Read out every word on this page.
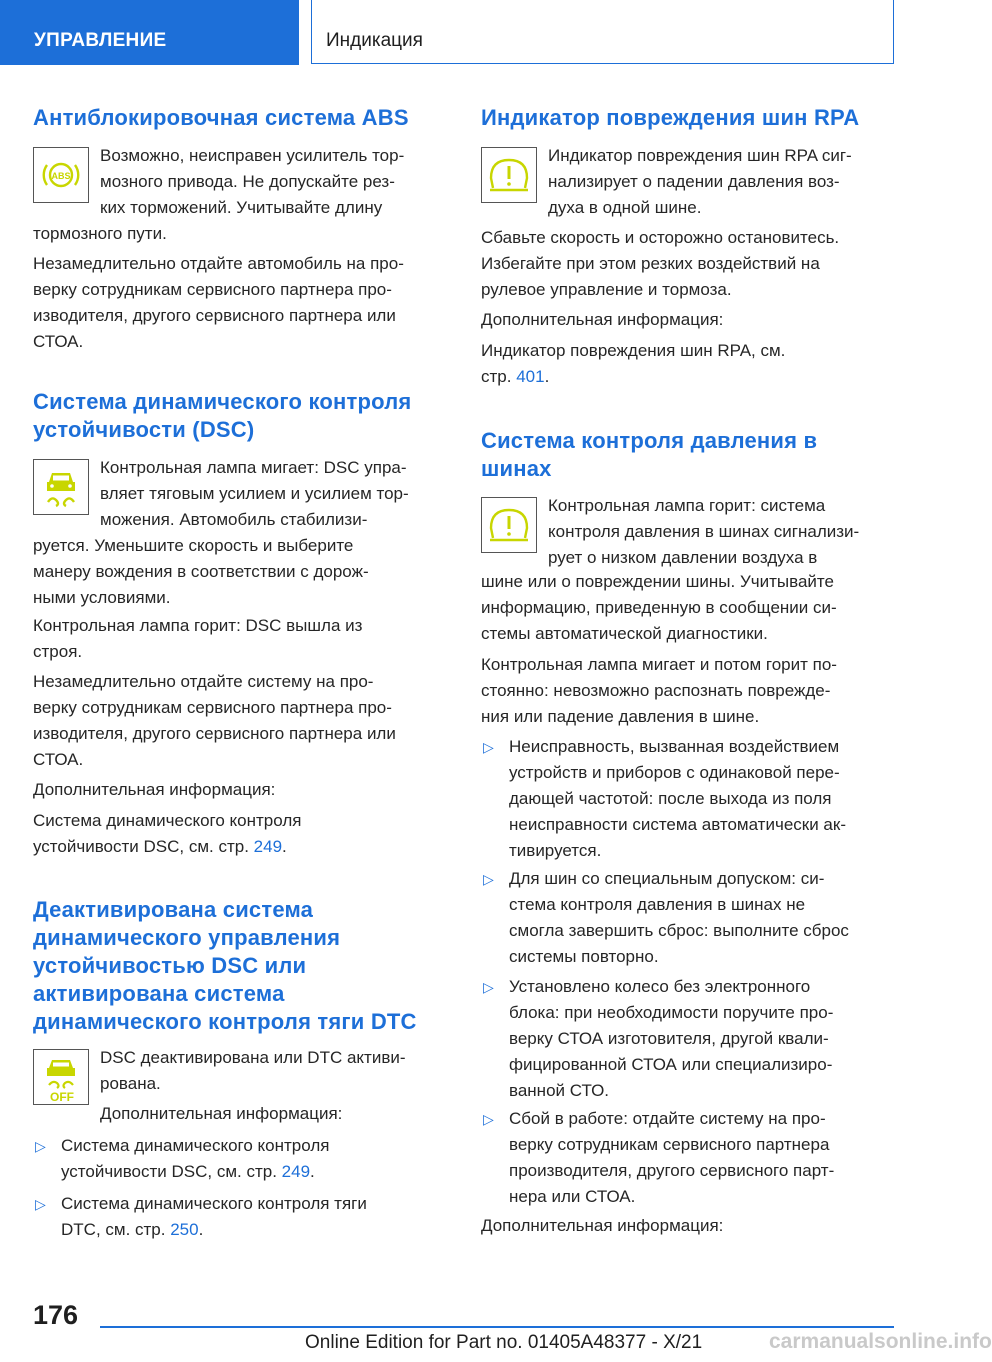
УПРАВЛЕНИЕ	Индикация
Антиблокировочная система ABS
ABS
Возможно, неисправен усилитель тор-
мозного привода. Не допускайте рез-
ких торможений. Учитывайте длину
тормозного пути.
Незамедлительно отдайте автомобиль на про-
верку сотрудникам сервисного партнера про-
изводителя, другого сервисного партнера или
СТОА.
Система динамического контроля
устойчивости (DSC)
Контрольная лампа мигает: DSC упра-
вляет тяговым усилием и усилием тор-
можения. Автомобиль стабилизи-
руется. Уменьшите скорость и выберите
манеру вождения в соответствии с дорож-
ными условиями.
Контрольная лампа горит: DSC вышла из
строя.
Незамедлительно отдайте систему на про-
верку сотрудникам сервисного партнера про-
изводителя, другого сервисного партнера или
СТОА.
Дополнительная информация:
Система динамического контроля
устойчивости DSC, см. стр. 249.
Деактивирована система
динамического управления
устойчивостью DSC или
активирована система
динамического контроля тяги DTC
OFF
DSC деактивирована или DTC активи-
рована.
Дополнительная информация:
▷ Система динамического контроля
устойчивости DSC, см. стр. 249.
▷ Система динамического контроля тяги
DTC, см. стр. 250.
Индикатор повреждения шин RPA
Индикатор повреждения шин RPA сиг-
нализирует о падении давления воз-
духа в одной шине.
Сбавьте скорость и осторожно остановитесь.
Избегайте при этом резких воздействий на
рулевое управление и тормоза.
Дополнительная информация:
Индикатор повреждения шин RPA, см.
стр. 401.
Система контроля давления в
шинах
Контрольная лампа горит: система
контроля давления в шинах сигнализи-
рует о низком давлении воздуха в
шине или о повреждении шины. Учитывайте
информацию, приведенную в сообщении си-
стемы автоматической диагностики.
Контрольная лампа мигает и потом горит по-
стоянно: невозможно распознать поврежде-
ния или падение давления в шине.
▷ Неисправность, вызванная воздействием
устройств и приборов с одинаковой пере-
дающей частотой: после выхода из поля
неисправности система автоматически ак-
тивируется.
▷ Для шин со специальным допуском: си-
стема контроля давления в шинах не
смогла завершить сброс: выполните сброс
системы повторно.
▷ Установлено колесо без электронного
блока: при необходимости поручите про-
верку СТОА изготовителя, другой квали-
фицированной СТОА или специализиро-
ванной СТО.
▷ Сбой в работе: отдайте систему на про-
верку сотрудникам сервисного партнера
производителя, другого сервисного парт-
нера или СТОА.
Дополнительная информация:
176
Online Edition for Part no. 01405A48377 - X/21	carmanualsonline.info
